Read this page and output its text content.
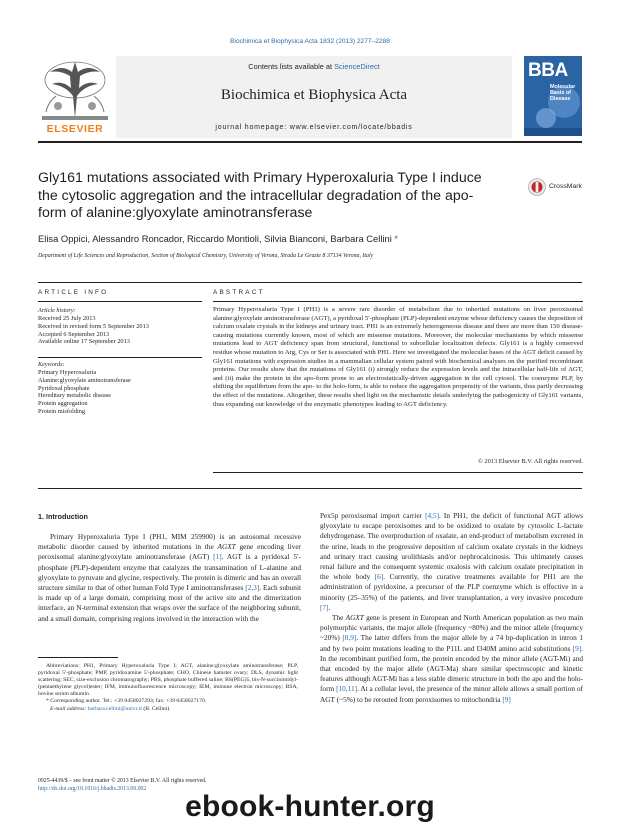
Biochimica et Biophysica Acta 1832 (2013) 2277–2288
ELSEVIER
Contents lists available at ScienceDirect
Biochimica et Biophysica Acta
journal homepage: www.elsevier.com/locate/bbadis
BBA
Molecular Basis of Disease
Gly161 mutations associated with Primary Hyperoxaluria Type I induce the cytosolic aggregation and the intracellular degradation of the apo-form of alanine:glyoxylate aminotransferase
CrossMark
Elisa Oppici, Alessandro Roncador, Riccardo Montioli, Silvia Bianconi, Barbara Cellini *
Department of Life Sciences and Reproduction, Section of Biological Chemistry, University of Verona, Strada Le Grazie 8 37134 Verona, Italy
ARTICLE INFO
Article history:
Received 25 July 2013
Received in revised form 5 September 2013
Accepted 6 September 2013
Available online 17 September 2013
Keywords:
Primary Hyperoxaluria
Alanine:glyoxylate aminotransferase
Pyridoxal phosphate
Hereditary metabolic disease
Protein aggregation
Protein misfolding
ABSTRACT
Primary Hyperoxaluria Type I (PH1) is a severe rare disorder of metabolism due to inherited mutations on liver peroxisomal alanine:glyoxylate aminotransferase (AGT), a pyridoxal 5′-phosphate (PLP)-dependent enzyme whose deficiency causes the deposition of calcium oxalate crystals in the kidneys and urinary tract. PH1 is an extremely heterogeneous disease and there are more than 150 disease-causing mutations currently known, most of which are missense mutations. Moreover, the molecular mechanisms by which missense mutations lead to AGT deficiency span from structural, functional to subcellular localization defects. Gly161 is a highly conserved residue whose mutation to Arg, Cys or Ser is associated with PH1. Here we investigated the molecular bases of the AGT deficit caused by Gly161 mutations with expression studies in a mammalian cellular system paired with biochemical analyses on the purified recombinant proteins. Our results show that the mutations of Gly161 (i) strongly reduce the expression levels and the intracellular half-life of AGT, and (ii) make the protein in the apo-form prone to an electrostatically-driven aggregation in the cell cytosol. The coenzyme PLP, by shifting the equilibrium from the apo- to the holo-form, is able to reduce the aggregation propensity of the variants, thus partly decreasing the effect of the mutations. Altogether, these results shed light on the mechanistic details underlying the pathogenicity of Gly161 variants, thus expanding our knowledge of the enzymatic phenotypes leading to AGT deficiency.
© 2013 Elsevier B.V. All rights reserved.
1. Introduction

Primary Hyperoxaluria Type I (PH1, MIM 259900) is an autosomal recessive metabolic disorder caused by inherited mutations in the AGXT gene encoding liver peroxisomal alanine:glyoxylate aminotransferase (AGT) [1]. AGT is a pyridoxal 5′-phosphate (PLP)-dependent enzyme that catalyzes the transamination of L-alanine and glyoxylate to pyruvate and glycine, respectively. The protein is dimeric and has an overall structure similar to that of other human Fold Type I aminotransferases [2,3]. Each subunit is made up of a large domain, comprising most of the active site and the dimerization interface, an N-terminal extension that wraps over the surface of the neighboring subunit, and a small domain, comprising regions involved in the interaction with the

Abbreviations: PH1, Primary Hyperoxaluria Type I; AGT, alanine:glyoxylate aminotransferase; PLP, pyridoxal 5′-phosphate; PMP, pyridoxamine 5′-phosphate; CHO, Chinese hamster ovary; DLS, dynamic light scattering; SEC, size-exclusion chromatography; PBS, phosphate buffered saline; BS(PEG)5, bis-N-succinimidyl-(pentaethylene glycol)ester; IFM, immunofluorescence microscopy; IEM, immune electron microscopy; BSA, bovine serum albumin
* Corresponding author. Tel.: +39 0458027293; fax: +39 0458027170.
E-mail address: barbara.cellini@univr.it (B. Cellini).

Pex5p peroxisomal import carrier [4,5]. In PH1, the deficit of functional AGT allows glyoxylate to escape peroxisomes and to be oxidized to oxalate by cytosolic L-lactate dehydrogenase. The overproduction of oxalate, an end-product of metabolism excreted in the urine, leads to the progressive deposition of calcium oxalate crystals in the kidneys and urinary tract causing urolithiasis and/or nephrocalcinosis. This ultimately causes renal failure and the consequent systemic oxalosis with calcium oxalate precipitation in the whole body [6]. Currently, the curative treatments available for PH1 are the administration of pyridoxine, a precursor of the PLP coenzyme which is effective in a minority (25–35%) of the patients, and liver transplantation, a very invasive procedure [7].

The AGXT gene is present in European and North American population as two main polymorphic variants, the major allele (frequency ~80%) and the minor allele (frequency ~20%) [8,9]. The latter differs from the major allele by a 74 bp-duplication in intron 1 and by two point mutations leading to the P11L and I340M amino acid substitutions [9]. In the recombinant purified form, the protein encoded by the minor allele (AGT-Mi) and that encoded by the major allele (AGT-Ma) share similar spectroscopic and kinetic features although AGT-Mi has a less stable dimeric structure in both the apo and the holo-form [10,11]. At a cellular level, the presence of the minor allele allows a small portion of AGT (~5%) to be rerouted from peroxisomes to mitochondria [9]

0925-4439/$ – see front matter © 2013 Elsevier B.V. All rights reserved.
http://dx.doi.org/10.1016/j.bbadis.2013.09.002
ebook-hunter.org
